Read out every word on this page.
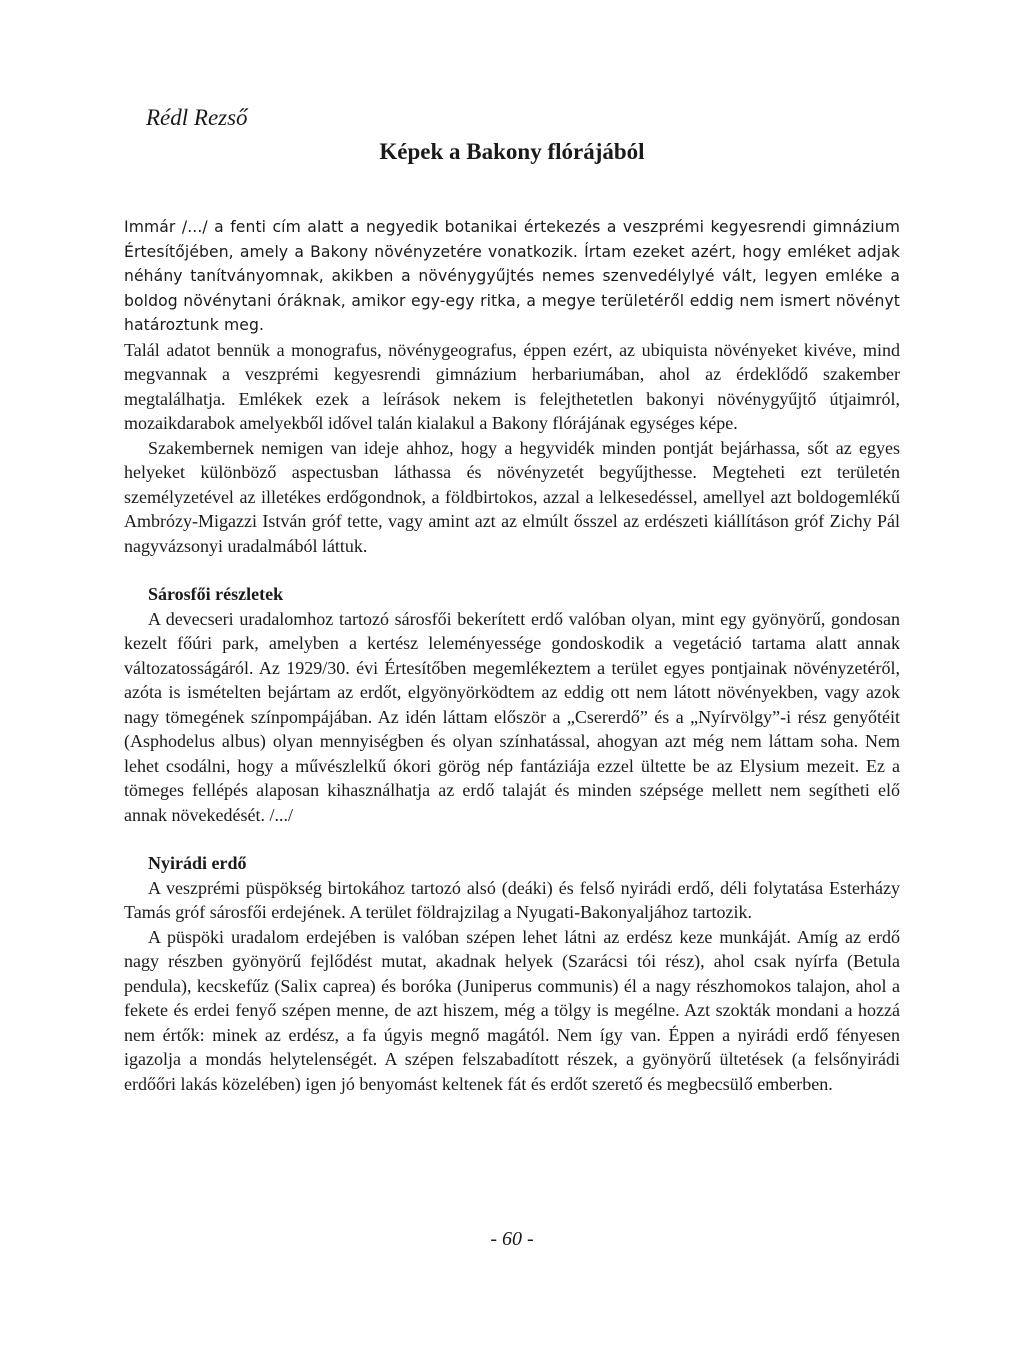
Rédl Rezső
Képek a Bakony flórájából

Immár /.../ a fenti cím alatt a negyedik botanikai értekezés a veszprémi kegyesrendi gimnázium Értesítőjében, amely a Bakony növényzetére vonatkozik. Írtam ezeket azért, hogy emléket adjak néhány tanítványomnak, akikben a növénygyűjtés nemes szenvedélylyé vált, legyen emléke a boldog növénytani óráknak, amikor egy-egy ritka, a megye területéről eddig nem ismert növényt határoztunk meg.

Talál adatot bennük a monografus, növénygeografus, éppen ezért, az ubiquista növényeket kivéve, mind megvannak a veszprémi kegyesrendi gimnázium herbariumában, ahol az érdeklődő szakember megtalálhatja. Emlékek ezek a leírások nekem is felejthetetlen bakonyi növénygyűjtő útjaimról, mozaikdarabok amelyekből idővel talán kialakul a Bakony flórájának egységes képe.

Szakembernek nemigen van ideje ahhoz, hogy a hegyvidék minden pontját bejárhassa, sőt az egyes helyeket különböző aspectusban láthassa és növényzetét begyűjthesse. Megteheti ezt területén személyzetével az illetékes erdőgondnok, a földbirtokos, azzal a lelkesedéssel, amellyel azt boldogemlékű Ambrózy-Migazzi István gróf tette, vagy amint azt az elmúlt ősszel az erdészeti kiállításon gróf Zichy Pál nagyvázsonyi uradalmából láttuk.

Sárosfői részletek

A devecseri uradalomhoz tartozó sárosfői bekerített erdő valóban olyan, mint egy gyönyörű, gondosan kezelt főúri park, amelyben a kertész leleményessége gondoskodik a vegetáció tartama alatt annak változatosságáról. Az 1929/30. évi Értesítőben megemlékeztem a terület egyes pontjainak növényzetéről, azóta is ismételten bejártam az erdőt, elgyönyörködtem az eddig ott nem látott növényekben, vagy azok nagy tömegének színpompájában. Az idén láttam először a „Csererdő” és a „Nyírvölgy”-i rész genyőtéit (Asphodelus albus) olyan mennyiségben és olyan színhatással, ahogyan azt még nem láttam soha. Nem lehet csodálni, hogy a művészlelkű ókori görög nép fantáziája ezzel ültette be az Elysium mezeit. Ez a tömeges fellépés alaposan kihasználhatja az erdő talaját és minden szépsége mellett nem segítheti elő annak növekedését. /.../

Nyirádi erdő

A veszprémi püspökség birtokához tartozó alsó (deáki) és felső nyirádi erdő, déli folytatása Esterházy Tamás gróf sárosfői erdejének. A terület földrajzilag a Nyugati-Bakonyaljához tartozik.

A püspöki uradalom erdejében is valóban szépen lehet látni az erdész keze munkáját. Amíg az erdő nagy részben gyönyörű fejlődést mutat, akadnak helyek (Szarácsi tói rész), ahol csak nyírfa (Betula pendula), kecskefűz (Salix caprea) és boróka (Juniperus communis) él a nagy részhomokos talajon, ahol a fekete és erdei fenyő szépen menne, de azt hiszem, még a tölgy is megélne. Azt szokták mondani a hozzá nem értők: minek az erdész, a fa úgyis megnő magától. Nem így van. Éppen a nyirádi erdő fényesen igazolja a mondás helytelenségét. A szépen felszabadított részek, a gyönyörű ültetések (a felsőnyirádi erdőőri lakás közelében) igen jó benyomást keltenek fát és erdőt szerető és megbecsülő emberben.

- 60 -
